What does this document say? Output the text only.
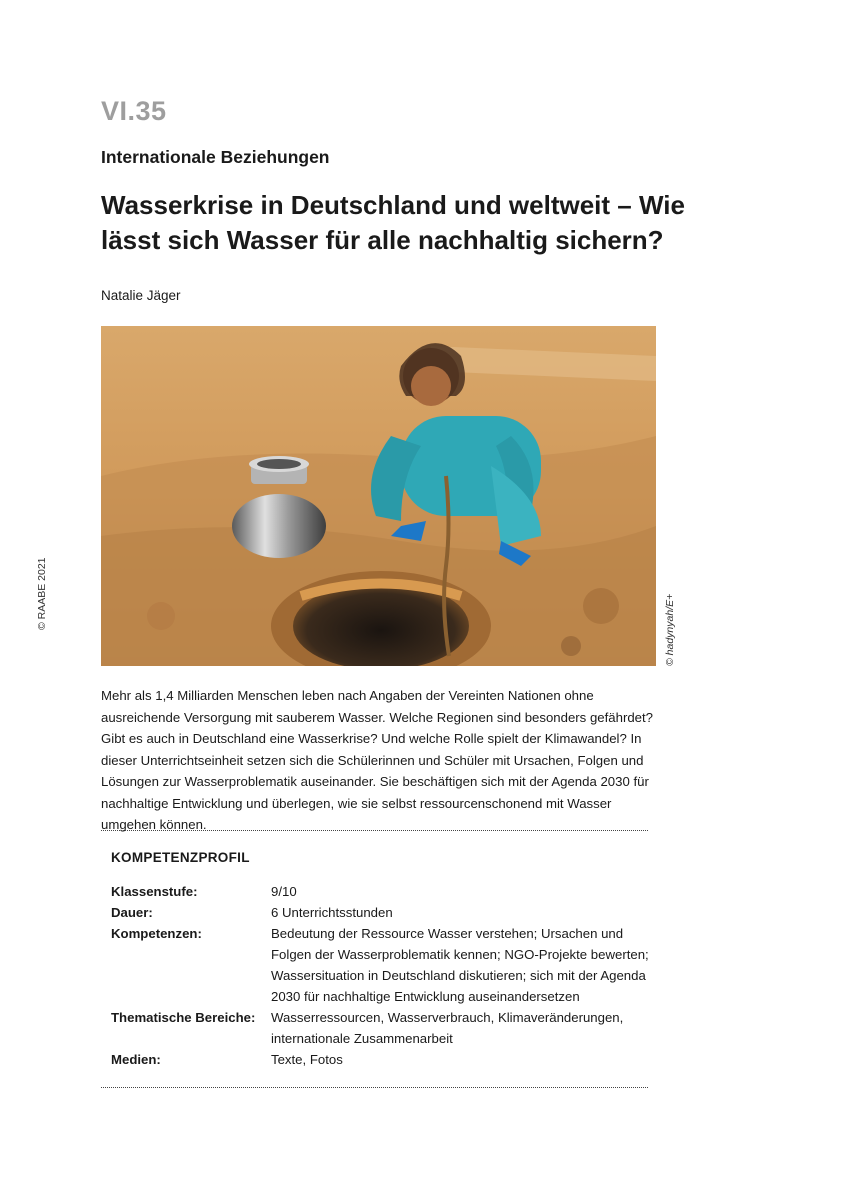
VI.35
Internationale Beziehungen
Wasserkrise in Deutschland und weltweit – Wie lässt sich Wasser für alle nachhaltig sichern?
Natalie Jäger
© RAABE 2021	© hadynyah/E+
Mehr als 1,4 Milliarden Menschen leben nach Angaben der Vereinten Nationen ohne ausreichende Versorgung mit sauberem Wasser. Welche Regionen sind besonders gefährdet? Gibt es auch in Deutschland eine Wasserkrise? Und welche Rolle spielt der Klimawandel? In dieser Unterrichtseinheit setzen sich die Schülerinnen und Schüler mit Ursachen, Folgen und Lösungen zur Wasserproblematik auseinander. Sie beschäftigen sich mit der Agenda 2030 für nachhaltige Entwicklung und überlegen, wie sie selbst ressourcenschonend mit Wasser umgehen können.
KOMPETENZPROFIL
Klassenstufe:	9/10
Dauer:	6 Unterrichtsstunden
Kompetenzen:	Bedeutung der Ressource Wasser verstehen; Ursachen und Folgen der Wasserproblematik kennen; NGO-Projekte bewerten; Wassersituation in Deutschland diskutieren; sich mit der Agenda 2030 für nachhaltige Entwicklung auseinandersetzen
Thematische Bereiche:	Wasserressourcen, Wasserverbrauch, Klimaveränderungen, internationale Zusammenarbeit
Medien:	Texte, Fotos
